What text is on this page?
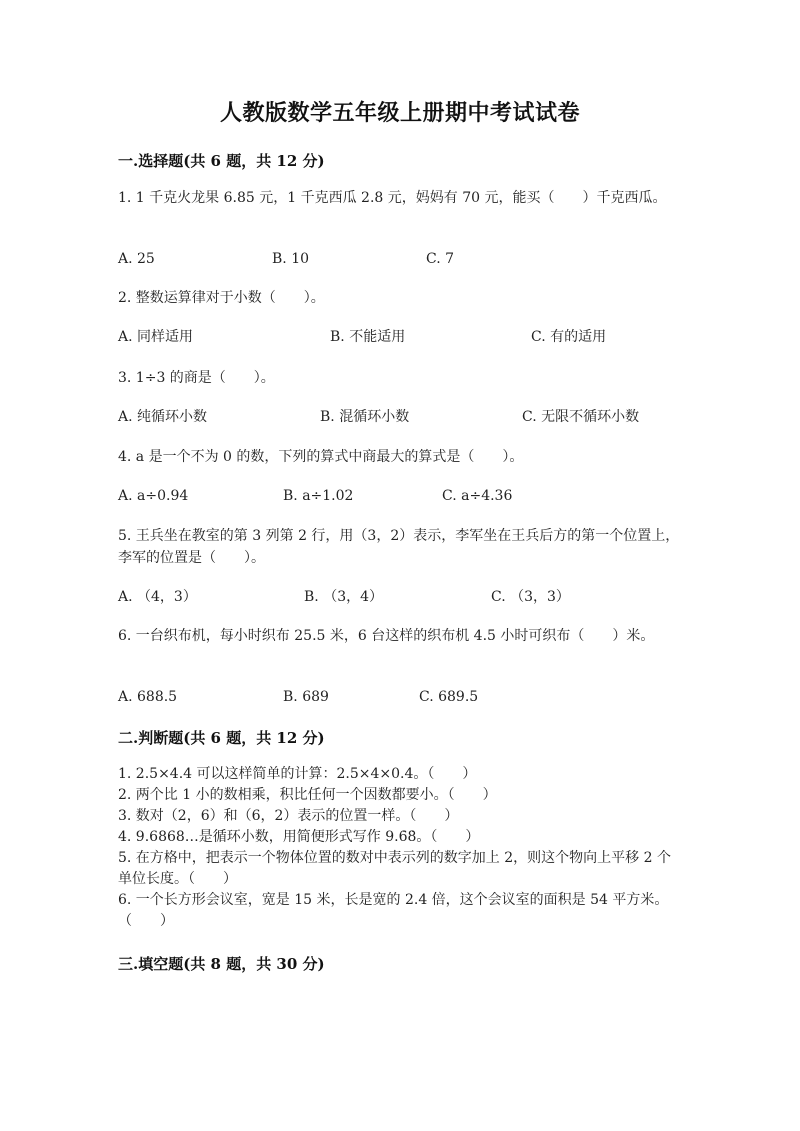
人教版数学五年级上册期中考试试卷
一.选择题(共 6 题，共 12 分)
1. 1 千克火龙果 6.85 元，1 千克西瓜 2.8 元，妈妈有 70 元，能买（　　）千克西瓜。
A. 25	B. 10	C. 7
2. 整数运算律对于小数（　　）。
A. 同样适用	B. 不能适用	C. 有的适用
3. 1÷3 的商是（　　）。
A. 纯循环小数	B. 混循环小数	C. 无限不循环小数
4. a 是一个不为 0 的数，下列的算式中商最大的算式是（　　）。
A. a÷0.94	B. a÷1.02	C. a÷4.36
5. 王兵坐在教室的第 3 列第 2 行，用（3，2）表示，李军坐在王兵后方的第一个位置上，李军的位置是（　　）。
A. （4，3）	B. （3，4）	C. （3，3）
6. 一台织布机，每小时织布 25.5 米，6 台这样的织布机 4.5 小时可织布（　　）米。
A. 688.5	B. 689	C. 689.5
二.判断题(共 6 题，共 12 分)
1. 2.5×4.4 可以这样简单的计算：2.5×4×0.4。（　　）
2. 两个比 1 小的数相乘，积比任何一个因数都要小。（　　）
3. 数对（2，6）和（6，2）表示的位置一样。（　　）
4. 9.6868…是循环小数，用简便形式写作 9.6̇8̇。（　　）
5. 在方格中，把表示一个物体位置的数对中表示列的数字加上 2，则这个物向上平移 2 个单位长度。（　　）
6. 一个长方形会议室，宽是 15 米，长是宽的 2.4 倍，这个会议室的面积是 54 平方米。（　　）
三.填空题(共 8 题，共 30 分)
